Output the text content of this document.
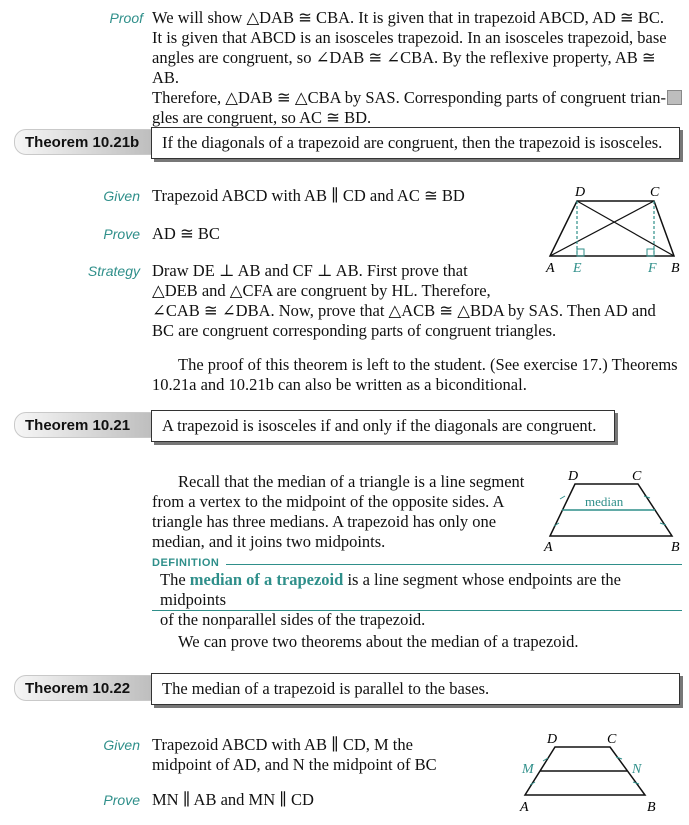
Proof We will show △DAB ≅ CBA. It is given that in trapezoid ABCD, AD ≅ BC.
It is given that ABCD is an isosceles trapezoid. In an isosceles trapezoid, base
angles are congruent, so ∠DAB ≅ ∠CBA. By the reflexive property, AB ≅ AB.
Therefore, △DAB ≅ △CBA by SAS. Corresponding parts of congruent trian-
gles are congruent, so AC ≅ BD.
Theorem 10.21b	If the diagonals of a trapezoid are congruent, then the trapezoid is isosceles.
Given Trapezoid ABCD with AB ∥ CD and AC ≅ BD
Prove AD ≅ BC
Strategy Draw DE ⊥ AB and CF ⊥ AB. First prove that
△DEB and △CFA are congruent by HL. Therefore,
∠CAB ≅ ∠DBA. Now, prove that △ACB ≅ △BDA by SAS. Then AD and
BC are congruent corresponding parts of congruent triangles.
D	C
A E	F B
The proof of this theorem is left to the student. (See exercise 17.) Theorems
10.21a and 10.21b can also be written as a biconditional.
Theorem 10.21	A trapezoid is isosceles if and only if the diagonals are congruent.
Recall that the median of a triangle is a line segment
from a vertex to the midpoint of the opposite sides. A
triangle has three medians. A trapezoid has only one
median, and it joins two midpoints.
median
D	C
A	B
DEFINITION
The median of a trapezoid is a line segment whose endpoints are the midpoints
of the nonparallel sides of the trapezoid.
We can prove two theorems about the median of a trapezoid.
Theorem 10.22	The median of a trapezoid is parallel to the bases.
Given Trapezoid ABCD with AB ∥ CD, M the
midpoint of AD, and N the midpoint of BC
Prove MN ∥ AB and MN ∥ CD
D	C
M	N
A	B
